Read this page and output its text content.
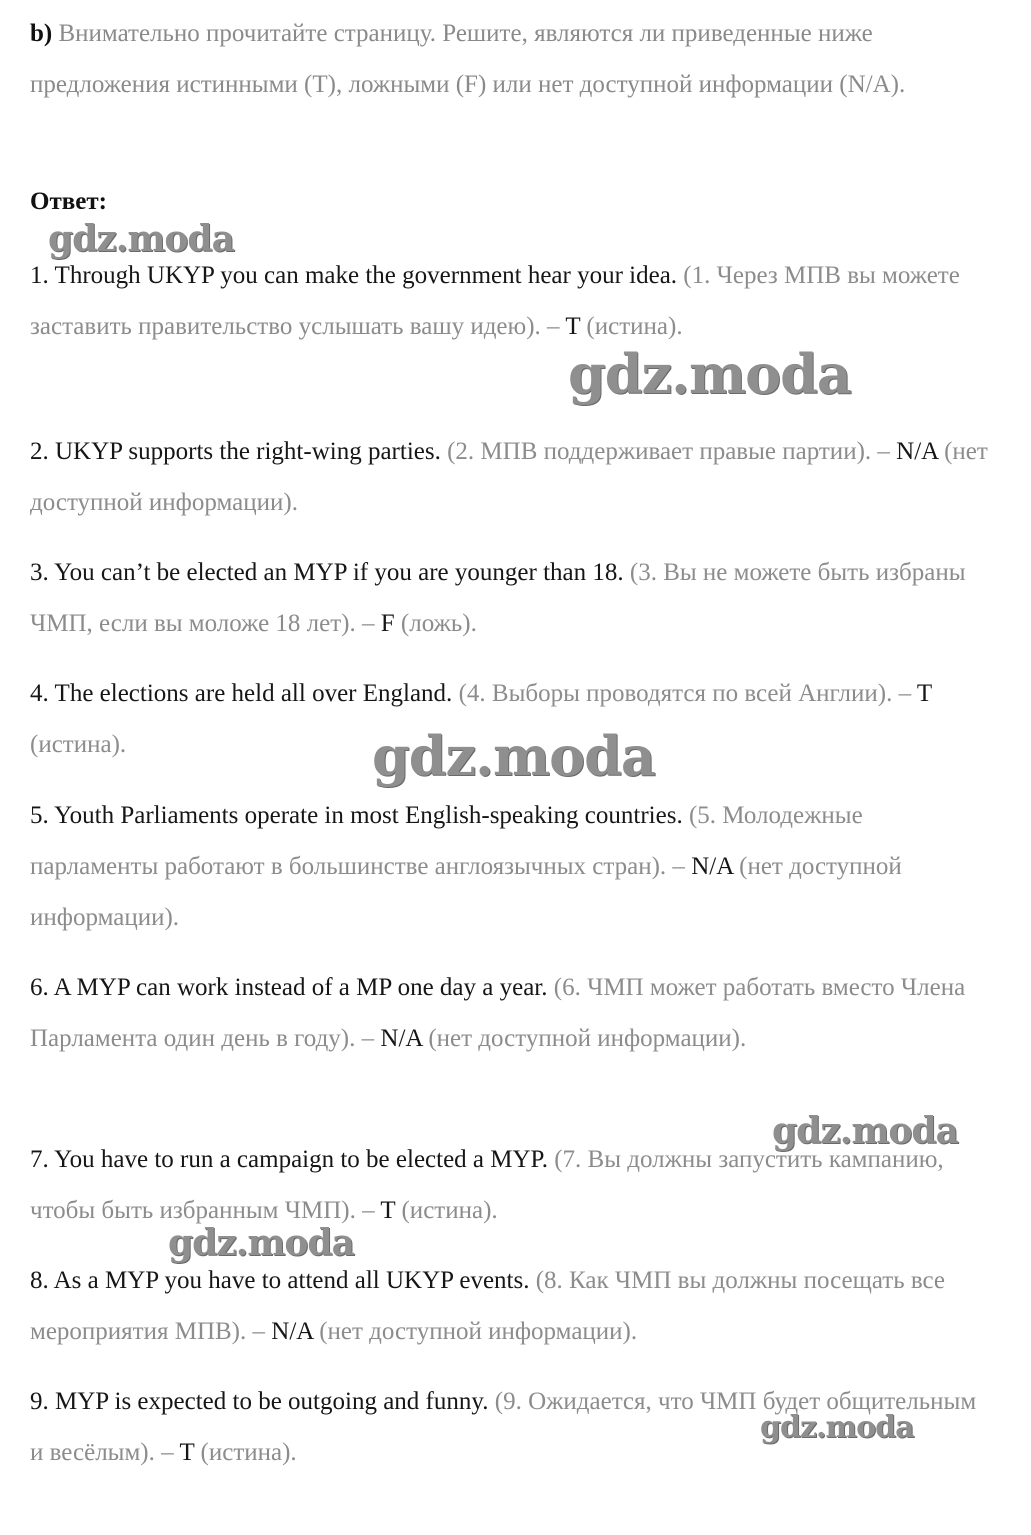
b) Внимательно прочитайте страницу. Решите, являются ли приведенные ниже предложения истинными (T), ложными (F) или нет доступной информации (N/A).
Ответ:
1. Through UKYP you can make the government hear your idea. (1. Через МПВ вы можете заставить правительство услышать вашу идею). – T (истина).
2. UKYP supports the right-wing parties. (2. МПВ поддерживает правые партии). – N/A (нет доступной информации).
3. You can’t be elected an MYP if you are younger than 18. (3. Вы не можете быть избраны ЧМП, если вы моложе 18 лет). – F (ложь).
4. The elections are held all over England. (4. Выборы проводятся по всей Англии). – T (истина).
5. Youth Parliaments operate in most English-speaking countries. (5. Молодежные парламенты работают в большинстве англоязычных стран). – N/A (нет доступной информации).
6. A MYP can work instead of a MP one day a year. (6. ЧМП может работать вместо Члена Парламента один день в году). – N/A (нет доступной информации).
7. You have to run a campaign to be elected a MYP. (7. Вы должны запустить кампанию, чтобы быть избранным ЧМП). – T (истина).
8. As a MYP you have to attend all UKYP events. (8. Как ЧМП вы должны посещать все мероприятия МПВ). – N/A (нет доступной информации).
9. MYP is expected to be outgoing and funny. (9. Ожидается, что ЧМП будет общительным и весёлым). – T (истина).
gdz.moda
gdz.moda
gdz.moda
gdz.moda
gdz.moda
gdz.moda
